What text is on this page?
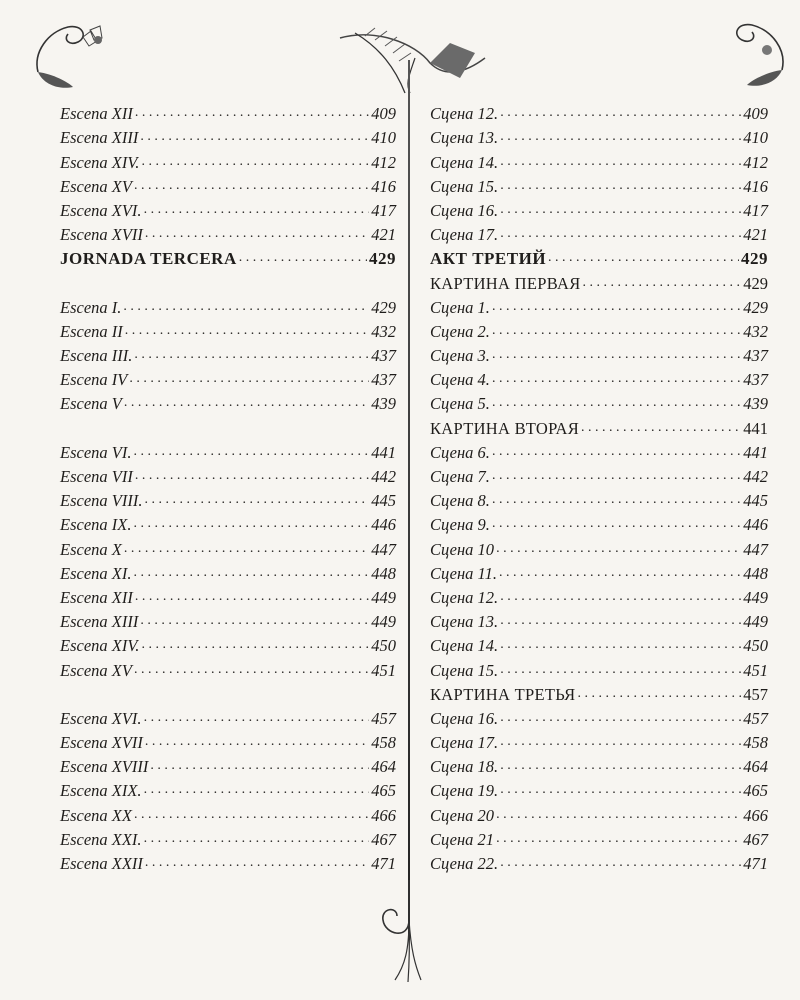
Escena XII . . .	409
Escena XIII . . .	410
Escena XIV. . . .	412
Escena XV . . .	416
Escena XVI. . . .	417
Escena XVII . . .	421
JORNADA TERCERA . . .	429
Escena I. . . .	429
Escena II . . .	432
Escena III. . . .	437
Escena IV . . .	437
Escena V . . .	439
Escena VI. . . .	441
Escena VII . . .	442
Escena VIII. . . .	445
Escena IX. . . .	446
Escena X . . .	447
Escena XI. . . .	448
Escena XII . . .	449
Escena XIII . . .	449
Escena XIV. . . .	450
Escena XV . . .	451
Escena XVI. . . .	457
Escena XVII . . .	458
Escena XVIII . . .	464
Escena XIX. . . .	465
Escena XX . . .	466
Escena XXI. . . .	467
Escena XXII . . .	471
Сцена 12. . . .	409
Сцена 13. . . .	410
Сцена 14. . . .	412
Сцена 15. . . .	416
Сцена 16. . . .	417
Сцена 17. . . .	421
АКТ ТРЕТИЙ . . .	429
КАРТИНА ПЕРВАЯ . . .	429
Сцена 1. . . .	429
Сцена 2. . . .	432
Сцена 3. . . .	437
Сцена 4. . . .	437
Сцена 5. . . .	439
КАРТИНА ВТОРАЯ . . .	441
Сцена 6. . . .	441
Сцена 7. . . .	442
Сцена 8. . . .	445
Сцена 9. . . .	446
Сцена 10 . . .	447
Сцена 11. . . .	448
Сцена 12. . . .	449
Сцена 13. . . .	449
Сцена 14. . . .	450
Сцена 15. . . .	451
КАРТИНА ТРЕТЬЯ . . .	457
Сцена 16. . . .	457
Сцена 17. . . .	458
Сцена 18. . . .	464
Сцена 19. . . .	465
Сцена 20 . . .	466
Сцена 21 . . .	467
Сцена 22. . . .	471
